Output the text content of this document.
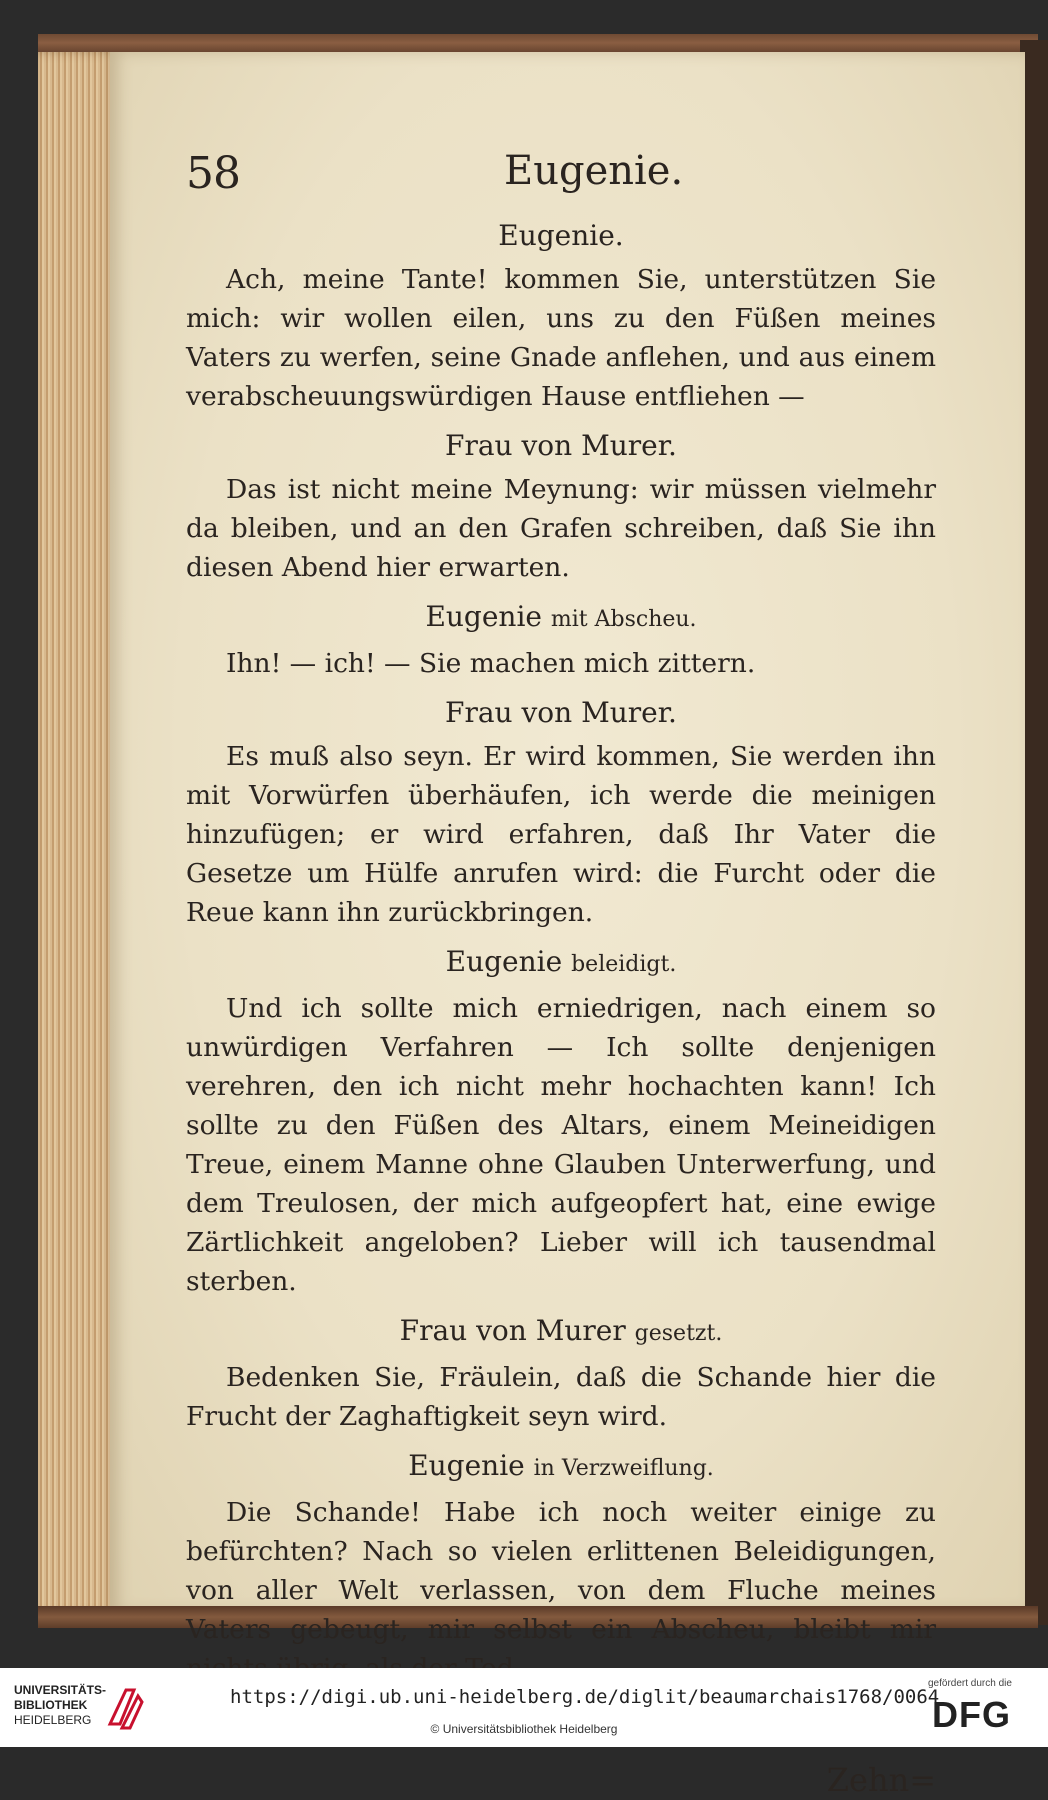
58	Eugenie.
Eugenie.

Ach, meine Tante! kommen Sie, unterstützen Sie mich: wir wollen eilen, uns zu den Füßen meines Vaters zu werfen, seine Gnade anflehen, und aus einem verabscheuungswürdigen Hause entfliehen —

Frau von Murer.

Das ist nicht meine Meynung: wir müssen vielmehr da bleiben, und an den Grafen schreiben, daß Sie ihn diesen Abend hier erwarten.

Eugenie mit Abscheu.

Ihn! — ich! — Sie machen mich zittern.

Frau von Murer.

Es muß also seyn. Er wird kommen, Sie werden ihn mit Vorwürfen überhäufen, ich werde die meinigen hinzufügen; er wird erfahren, daß Ihr Vater die Gesetze um Hülfe anrufen wird: die Furcht oder die Reue kann ihn zurückbringen.

Eugenie beleidigt.

Und ich sollte mich erniedrigen, nach einem so unwürdigen Verfahren — Ich sollte denjenigen verehren, den ich nicht mehr hochachten kann! Ich sollte zu den Füßen des Altars, einem Meineidigen Treue, einem Manne ohne Glauben Unterwerfung, und dem Treulosen, der mich aufgeopfert hat, eine ewige Zärtlichkeit angeloben? Lieber will ich tausendmal sterben.

Frau von Murer gesetzt.

Bedenken Sie, Fräulein, daß die Schande hier die Frucht der Zaghaftigkeit seyn wird.

Eugenie in Verzweiflung.

Die Schande! Habe ich noch weiter einige zu befürchten? Nach so vielen erlittenen Beleidigungen, von aller Welt verlassen, von dem Fluche meines Vaters gebeugt, mir selbst ein Abscheu, bleibt mir

Zehn=
UNIVERSITÄTS-
BIBLIOTHEK
HEIDELBERG
https://digi.ub.uni-heidelberg.de/diglit/beaumarchais1768/0064
© Universitätsbibliothek Heidelberg
gefördert durch die
DFG
